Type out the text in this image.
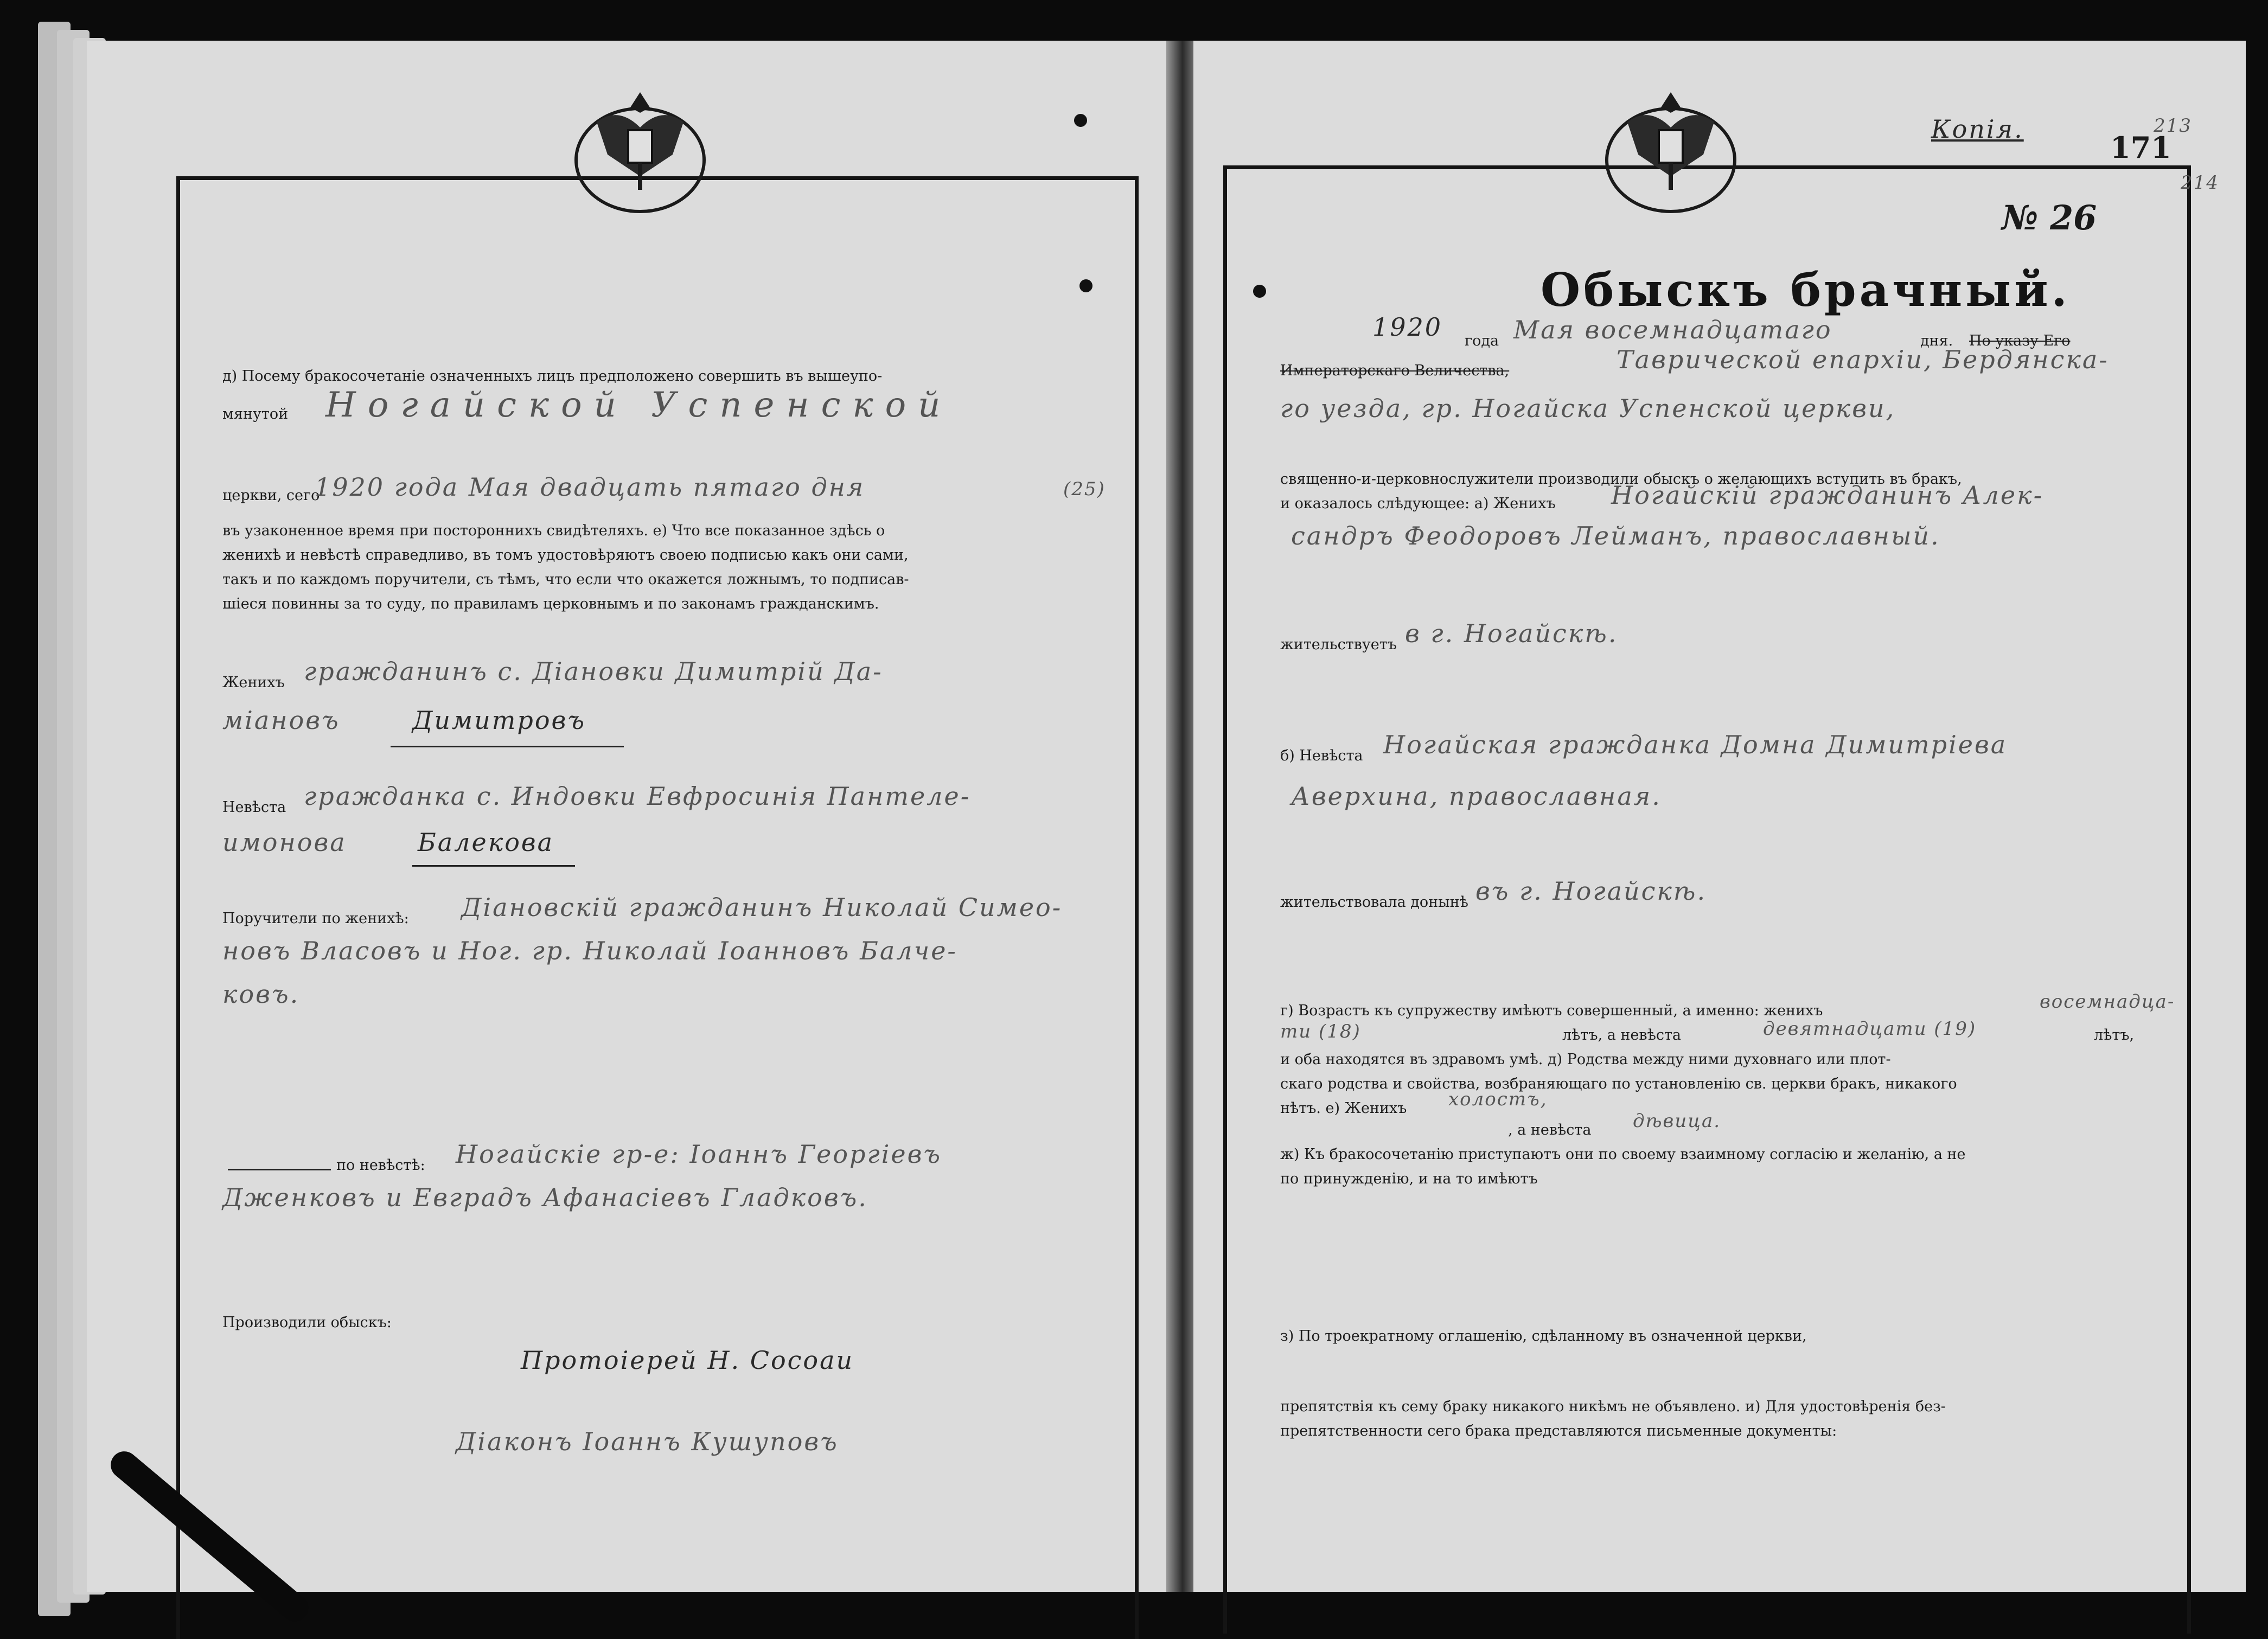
д) Посему бракосочетанiе означенныхъ лицъ предположено совершить въ вышеупо-
мянутой Ногайской Успенской
церкви, сего
1920 года Мая двадцать пятаго дня	(25)
въ узаконенное время при постороннихъ свидѣтеляхъ. е) Что все показанное здѣсь о
женихѣ и невѣстѣ справедливо, въ томъ удостовѣряютъ своею подписью какъ они сами,
такъ и по каждомъ поручители, съ тѣмъ, что если что окажется ложнымъ, то подписав-
шiеся повинны за то суду, по правиламъ церковнымъ и по законамъ гражданскимъ.
Женихъ гражданинъ с. Дiановки Димитрiй Да-
мiановъ	Димитровъ
Невѣста гражданка с. Индовки Евфросинiя Пантеле-
имонова	Балекова
Поручители по женихѣ: Дiановскiй гражданинъ Николай Симео-
новъ Власовъ и Ног. гр. Николай Iоанновъ Балче-
ковъ.
по невѣстѣ: Ногайскiе гр-е: Iоаннъ Георгiевъ
Дженковъ и Евградъ Афанасiевъ Гладковъ.
Производили обыскъ:
Протоiерей Н. Сосоаи
Дiаконъ Iоаннъ Кушуповъ
Копiя.
171
213
214
№ 26
Обыскъ брачный.
1920 года Мая восемнадцатаго	дня. По указу Его
Императорскаго Величества,	Таврической епархiи, Бердянска-
го уезда, гр. Ногайска Успенской церкви,
священно-и-церковнослужители производили обыскъ о желающихъ вступить въ бракъ,
и оказалось слѣдующее: а) Женихъ Ногайскiй гражданинъ Алек-
сандръ Феодоровъ Лейманъ, православный.
жительствуетъ в г. Ногайскѣ.
б) Невѣста Ногайская гражданка Домна Димитрiева
Аверхина, православная.
жительствовала донынѣ въ г. Ногайскѣ.
г) Возрастъ къ супружеству имѣютъ совершенный, а именно: женихъ	восемнадца-
ти (18)	лѣтъ, а невѣста	девятнадцати (19)	лѣтъ,
и оба находятся въ здравомъ умѣ. д) Родства между ними духовнаго или плот-
скаго родства и свойства, возбраняющаго по установленiю св. церкви бракъ, никакого
нѣтъ. е) Женихъ холостъ,
, а невѣста дѣвица.
ж) Къ бракосочетанiю приступаютъ они по своему взаимному согласiю и желанiю, а не
по принужденiю, и на то имѣютъ
з) По троекратному оглашенiю, сдѣланному въ означенной церкви,
препятствiя къ сему браку никакого никѣмъ не объявлено. и) Для удостовѣренiя без-
препятственности сего брака представляются письменные документы:
